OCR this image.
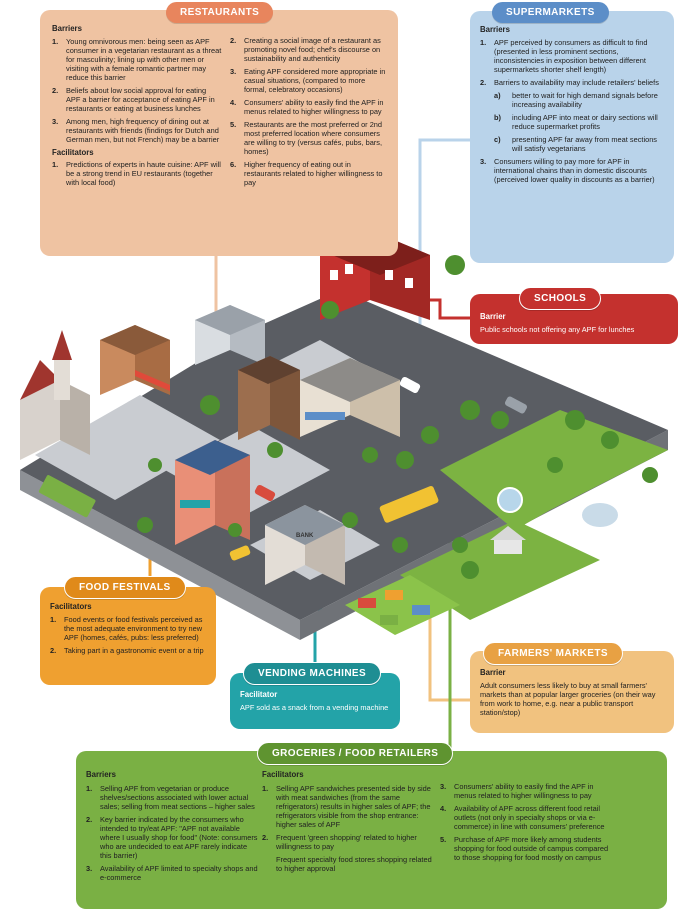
BANK
Barriers
1. Young omnivorous men: being seen as APF consumer in a vegetarian restaurant as a threat for masculinity; lining up with other men or visiting with a female romantic partner may reduce this barrier
2. Beliefs about low social approval for eating APF a barrier for acceptance of eating APF in restaurants or eating at business lunches
3. Among men, high frequency of dining out at restaurants with friends (findings for Dutch and German men, but not French) may be a barrier
Facilitators
1. Predictions of experts in haute cuisine: APF will be a strong trend in EU restaurants (together with local food)
2. Creating a social image of a restaurant as promoting novel food; chef's discourse on sustainability and authenticity
3. Eating APF considered more appropriate in casual situations, (compared to more formal, celebratory occasions)
4. Consumers' ability to easily find the APF in menus related to higher willingness to pay
5. Restaurants are the most preferred or 2nd most preferred location where consumers are willing to try (versus cafés, pubs, bars, homes)
6. Higher frequency of eating out in restaurants related to higher willingness to pay
RESTAURANTS
Barriers
1. APF perceived by consumers as difficult to find (presented in less prominent sections, inconsistencies in exposition between different supermarkets shorter shelf length)
2. Barriers to availability may include retailers' beliefs
a) better to wait for high demand signals before increasing availability
b) including APF into meat or dairy sections will reduce supermarket profits
c) presenting APF far away from meat sections will satisfy vegetarians
3. Consumers willing to pay more for APF in international chains than in domestic discounts (perceived lower quality in discounts as a barrier)
SUPERMARKETS
Barrier
Public schools not offering any APF for lunches
SCHOOLS
Facilitators
1. Food events or food festivals perceived as the most adequate environment to try new APF (homes, cafés, pubs: less preferred)
2. Taking part in a gastronomic event or a trip
FOOD FESTIVALS
Facilitator
APF sold as a snack from a vending machine
VENDING MACHINES	Barrier
Adult consumers less likely to buy at small farmers' markets than at popular larger groceries (on their way from work to home, e.g. near a public transport station/stop)
FARMERS' MARKETS
Barriers
1. Selling APF from vegetarian or produce shelves/sections associated with lower actual sales; selling from meat sections – higher sales
2. Key barrier indicated by the consumers who intended to try/eat APF: "APF not available where I usually shop for food" (Note: consumers who are undecided to eat APF rarely indicate this barrier)
3. Availability of APF limited to specialty shops and e-commerce
Facilitators
1. Selling APF sandwiches presented side by side with meat sandwiches (from the same refrigerators) results in higher sales of APF; the refrigerators visible from the shop entrance: higher sales of APF
2. Frequent 'green shopping' related to higher willingness to pay
Frequent specialty food stores shopping related to higher approval
3. Consumers' ability to easily find the APF in menus related to higher willingness to pay
4. Availability of APF across different food retail outlets (not only in specialty shops or via e-commerce) in line with consumers' preference
5. Purchase of APF more likely among students shopping for food outside of campus compared to those shopping for food mostly on campus
GROCERIES / FOOD RETAILERS
